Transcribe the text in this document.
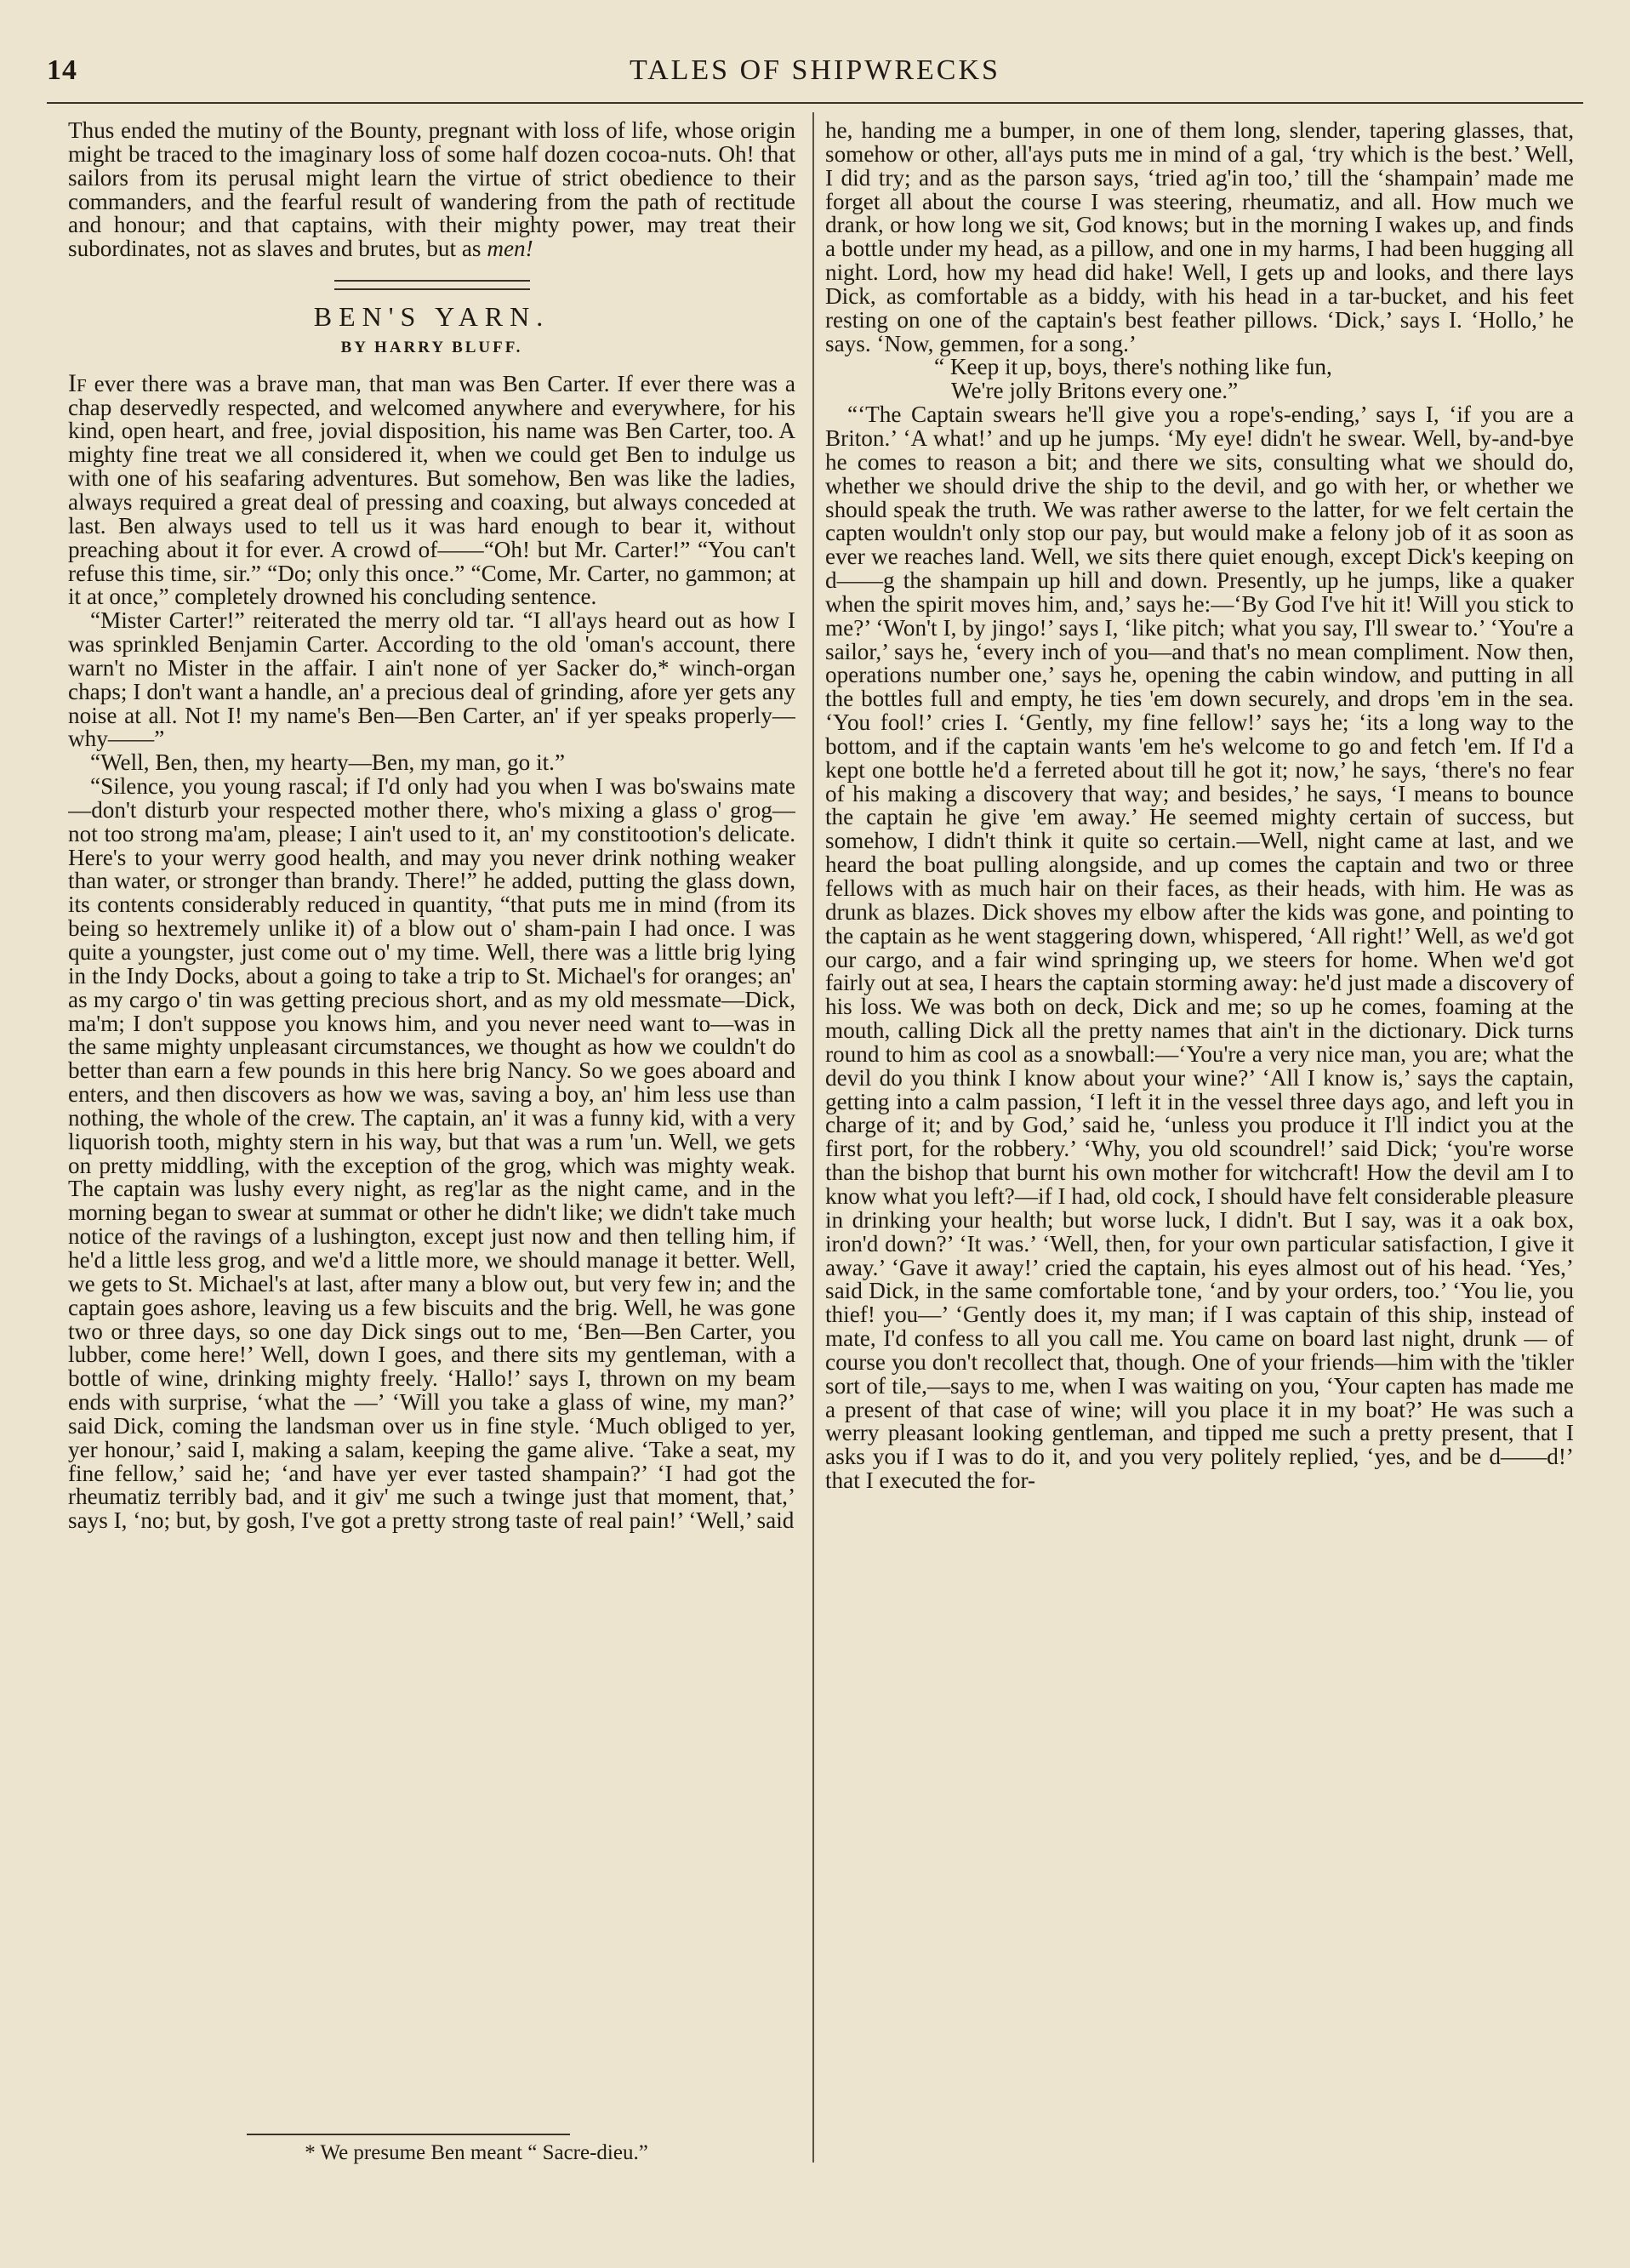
14	TALES OF SHIPWRECKS

Thus ended the mutiny of the Bounty, pregnant with loss of life, whose origin might be traced to the imaginary loss of some half dozen cocoa-nuts. Oh! that sailors from its perusal might learn the virtue of strict obedience to their commanders, and the fearful result of wandering from the path of rectitude and honour; and that captains, with their mighty power, may treat their subordinates, not as slaves and brutes, but as men!

BEN'S YARN.
BY HARRY BLUFF.

If ever there was a brave man, that man was Ben Carter. If ever there was a chap deservedly respected, and welcomed anywhere and everywhere, for his kind, open heart, and free, jovial disposition, his name was Ben Carter, too. A mighty fine treat we all considered it, when we could get Ben to indulge us with one of his seafaring adventures. But somehow, Ben was like the ladies, always required a great deal of pressing and coaxing, but always conceded at last. Ben always used to tell us it was hard enough to bear it, without preaching about it for ever. A crowd of——“Oh! but Mr. Carter!” “You can't refuse this time, sir.” “Do; only this once.” “Come, Mr. Carter, no gammon; at it at once,” completely drowned his concluding sentence.

“Mister Carter!” reiterated the merry old tar. “I all'ays heard out as how I was sprinkled Benjamin Carter. According to the old 'oman's account, there warn't no Mister in the affair. I ain't none of yer Sacker do,* winch-organ chaps; I don't want a handle, an' a precious deal of grinding, afore yer gets any noise at all. Not I! my name's Ben—Ben Carter, an' if yer speaks properly—why——”

“Well, Ben, then, my hearty—Ben, my man, go it.”

“Silence, you young rascal; if I'd only had you when I was bo'swains mate—don't disturb your respected mother there, who's mixing a glass o' grog—not too strong ma'am, please; I ain't used to it, an' my constitootion's delicate. Here's to your werry good health, and may you never drink nothing weaker than water, or stronger than brandy. There!” he added, putting the glass down, its contents considerably reduced in quantity, “that puts me in mind (from its being so hextremely unlike it) of a blow out o' sham-pain I had once. I was quite a youngster, just come out o' my time. Well, there was a little brig lying in the Indy Docks, about a going to take a trip to St. Michael's for oranges; an' as my cargo o' tin was getting precious short, and as my old messmate—Dick, ma'm; I don't suppose you knows him, and you never need want to—was in the same mighty unpleasant circumstances, we thought as how we couldn't do better than earn a few pounds in this here brig Nancy. So we goes aboard and enters, and then discovers as how we was, saving a boy, an' him less use than nothing, the whole of the crew. The captain, an' it was a funny kid, with a very liquorish tooth, mighty stern in his way, but that was a rum 'un. Well, we gets on pretty middling, with the exception of the grog, which was mighty weak. The captain was lushy every night, as reg'lar as the night came, and in the morning began to swear at summat or other he didn't like; we didn't take much notice of the ravings of a lushington, except just now and then telling him, if he'd a little less grog, and we'd a little more, we should manage it better. Well, we gets to St. Michael's at last, after many a blow out, but very few in; and the captain goes ashore, leaving us a few biscuits and the brig. Well, he was gone two or three days, so one day Dick sings out to me, ‘Ben—Ben Carter, you lubber, come here!’ Well, down I goes, and there sits my gentleman, with a bottle of wine, drinking mighty freely. ‘Hallo!’ says I, thrown on my beam ends with surprise, ‘what the —’ ‘Will you take a glass of wine, my man?’ said Dick, coming the landsman over us in fine style. ‘Much obliged to yer, yer honour,’ said I, making a salam, keeping the game alive. ‘Take a seat, my fine fellow,’ said he; ‘and have yer ever tasted shampain?’ ‘I had got the rheumatiz terribly bad, and it giv' me such a twinge just that moment, that,’ says I, ‘no; but, by gosh, I've got a pretty strong taste of real pain!’ ‘Well,’ said

he, handing me a bumper, in one of them long, slender, tapering glasses, that, somehow or other, all'ays puts me in mind of a gal, ‘try which is the best.’ Well, I did try; and as the parson says, ‘tried ag'in too,’ till the ‘shampain’ made me forget all about the course I was steering, rheumatiz, and all. How much we drank, or how long we sit, God knows; but in the morning I wakes up, and finds a bottle under my head, as a pillow, and one in my harms, I had been hugging all night. Lord, how my head did hake! Well, I gets up and looks, and there lays Dick, as comfortable as a biddy, with his head in a tar-bucket, and his feet resting on one of the captain's best feather pillows. ‘Dick,’ says I. ‘Hollo,’ he says. ‘Now, gemmen, for a song.’

“ Keep it up, boys, there's nothing like fun,
We're jolly Britons every one.”

“‘The Captain swears he'll give you a rope's-ending,’ says I, ‘if you are a Briton.’ ‘A what!’ and up he jumps. ‘My eye! didn't he swear. Well, by-and-bye he comes to reason a bit; and there we sits, consulting what we should do, whether we should drive the ship to the devil, and go with her, or whether we should speak the truth. We was rather awerse to the latter, for we felt certain the capten wouldn't only stop our pay, but would make a felony job of it as soon as ever we reaches land. Well, we sits there quiet enough, except Dick's keeping on d——g the shampain up hill and down. Presently, up he jumps, like a quaker when the spirit moves him, and,’ says he:—‘By God I've hit it! Will you stick to me?’ ‘Won't I, by jingo!’ says I, ‘like pitch; what you say, I'll swear to.’ ‘You're a sailor,’ says he, ‘every inch of you—and that's no mean compliment. Now then, operations number one,’ says he, opening the cabin window, and putting in all the bottles full and empty, he ties 'em down securely, and drops 'em in the sea. ‘You fool!’ cries I. ‘Gently, my fine fellow!’ says he; ‘its a long way to the bottom, and if the captain wants 'em he's welcome to go and fetch 'em. If I'd a kept one bottle he'd a ferreted about till he got it; now,’ he says, ‘there's no fear of his making a discovery that way; and besides,’ he says, ‘I means to bounce the captain he give 'em away.’ He seemed mighty certain of success, but somehow, I didn't think it quite so certain.—Well, night came at last, and we heard the boat pulling alongside, and up comes the captain and two or three fellows with as much hair on their faces, as their heads, with him. He was as drunk as blazes. Dick shoves my elbow after the kids was gone, and pointing to the captain as he went staggering down, whispered, ‘All right!’ Well, as we'd got our cargo, and a fair wind springing up, we steers for home. When we'd got fairly out at sea, I hears the captain storming away: he'd just made a discovery of his loss. We was both on deck, Dick and me; so up he comes, foaming at the mouth, calling Dick all the pretty names that ain't in the dictionary. Dick turns round to him as cool as a snowball:—‘You're a very nice man, you are; what the devil do you think I know about your wine?’ ‘All I know is,’ says the captain, getting into a calm passion, ‘I left it in the vessel three days ago, and left you in charge of it; and by God,’ said he, ‘unless you produce it I'll indict you at the first port, for the robbery.’ ‘Why, you old scoundrel!’ said Dick; ‘you're worse than the bishop that burnt his own mother for witchcraft! How the devil am I to know what you left?—if I had, old cock, I should have felt considerable pleasure in drinking your health; but worse luck, I didn't. But I say, was it a oak box, iron'd down?’ ‘It was.’ ‘Well, then, for your own particular satisfaction, I give it away.’ ‘Gave it away!’ cried the captain, his eyes almost out of his head. ‘Yes,’ said Dick, in the same comfortable tone, ‘and by your orders, too.’ ‘You lie, you thief! you—’ ‘Gently does it, my man; if I was captain of this ship, instead of mate, I'd confess to all you call me. You came on board last night, drunk — of course you don't recollect that, though. One of your friends—him with the 'tikler sort of tile,—says to me, when I was waiting on you, ‘Your capten has made me a present of that case of wine; will you place it in my boat?’ He was such a werry pleasant looking gentleman, and tipped me such a pretty present, that I asks you if I was to do it, and you very politely replied, ‘yes, and be d——d!’ that I executed the for-

* We presume Ben meant “ Sacre-dieu.”
